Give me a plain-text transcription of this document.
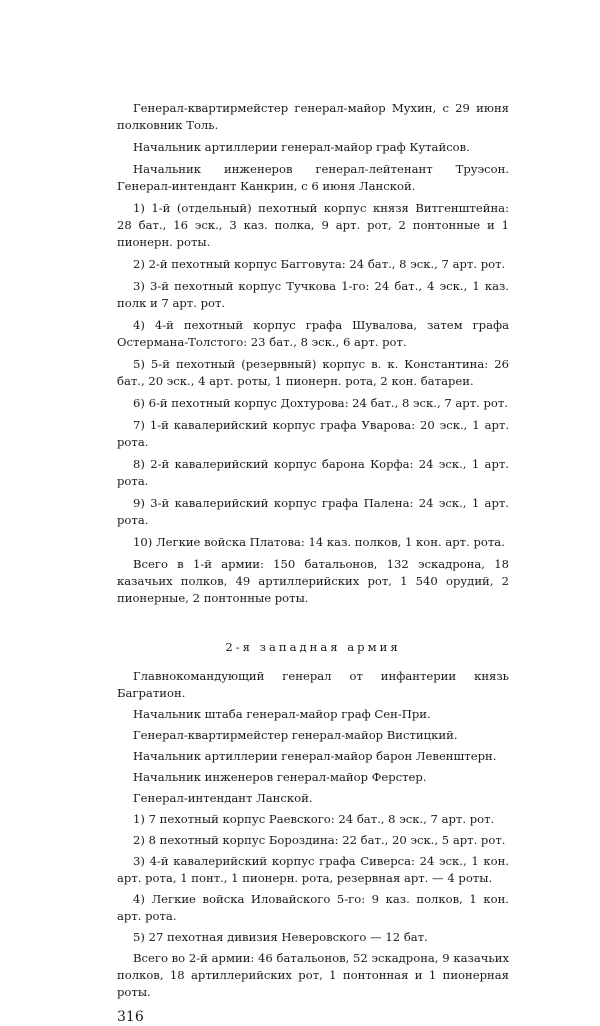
Генерал-квартирмейстер генерал-майор Мухин, с 29 июня полковник Толь.

Начальник артиллерии генерал-майор граф Кутайсов.

Начальник инженеров генерал-лейтенант Труэсон. Генерал-интендант Канкрин, с 6 июня Ланской.

1) 1-й (отдельный) пехотный корпус князя Витгенштейна: 28 бат., 16 эск., 3 каз. полка, 9 арт. рот, 2 понтонные и 1 пионерн. роты.

2) 2-й пехотный корпус Багговута: 24 бат., 8 эск., 7 арт. рот.

3) 3-й пехотный корпус Тучкова 1-го: 24 бат., 4 эск., 1 каз. полк и 7 арт. рот.

4) 4-й пехотный корпус графа Шувалова, затем графа Остермана-Толстого: 23 бат., 8 эск., 6 арт. рот.

5) 5-й пехотный (резервный) корпус в. к. Константина: 26 бат., 20 эск., 4 арт. роты, 1 пионерн. рота, 2 кон. батареи.

6) 6-й пехотный корпус Дохтурова: 24 бат., 8 эск., 7 арт. рот.

7) 1-й кавалерийский корпус графа Уварова: 20 эск., 1 арт. рота.

8) 2-й кавалерийский корпус барона Корфа: 24 эск., 1 арт. рота.

9) 3-й кавалерийский корпус графа Палена: 24 эск., 1 арт. рота.

10) Легкие войска Платова: 14 каз. полков, 1 кон. арт. рота.

Всего в 1-й армии: 150 батальонов, 132 эскадрона, 18 казачьих полков, 49 артиллерийских рот, 1 540 орудий, 2 пионерные, 2 понтонные роты.

2-я западная армия

Главнокомандующий генерал от инфантерии князь Багратион.

Начальник штаба генерал-майор граф Сен-При.

Генерал-квартирмейстер генерал-майор Вистицкий.

Начальник артиллерии генерал-майор барон Левенштерн.

Начальник инженеров генерал-майор Ферстер.

Генерал-интендант Ланской.

1) 7 пехотный корпус Раевского: 24 бат., 8 эск., 7 арт. рот.

2) 8 пехотный корпус Бороздина: 22 бат., 20 эск., 5 арт. рот.

3) 4-й кавалерийский корпус графа Сиверса: 24 эск., 1 кон. арт. рота, 1 понт., 1 пионерн. рота, резервная арт. — 4 роты.

4) Легкие войска Иловайского 5-го: 9 каз. полков, 1 кон. арт. рота.

5) 27 пехотная дивизия Неверовского — 12 бат.

Всего во 2-й армии: 46 батальонов, 52 эскадрона, 9 казачьих полков, 18 артиллерийских рот, 1 понтонная и 1 пионерная роты.

316
